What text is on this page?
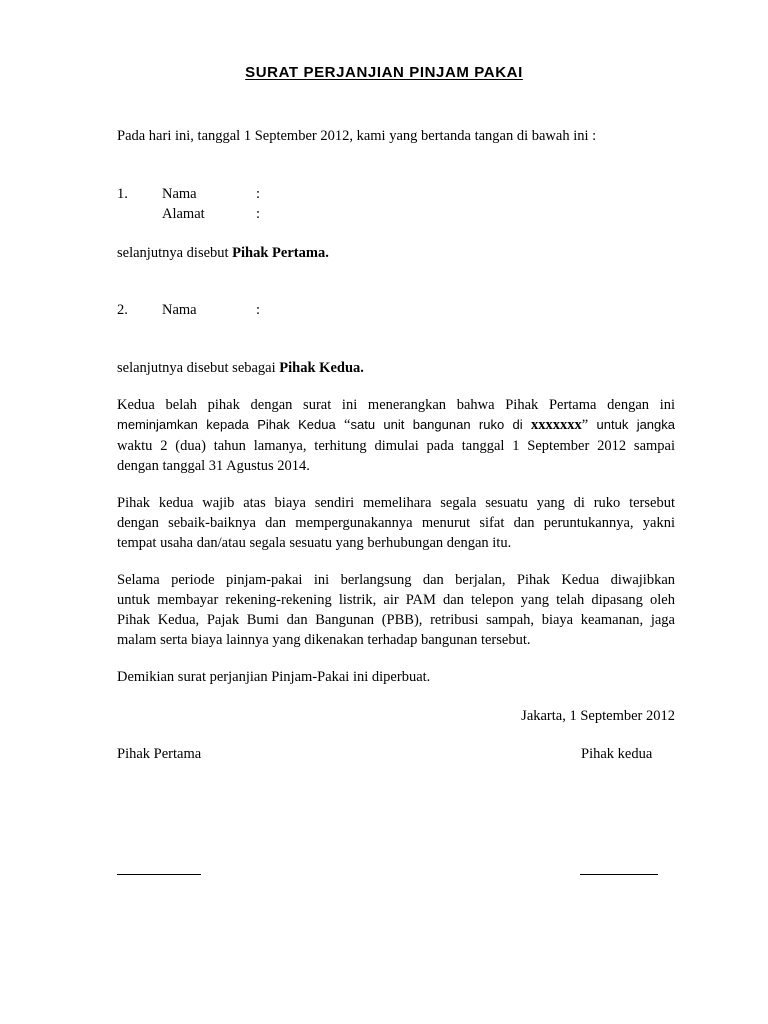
SURAT PERJANJIAN PINJAM PAKAI
Pada hari ini, tanggal 1 September 2012, kami yang bertanda tangan di bawah ini :
1. Nama	:
Alamat	:
selanjutnya disebut Pihak Pertama.
2. Nama	:
selanjutnya disebut sebagai Pihak Kedua.
Kedua belah pihak dengan surat ini menerangkan bahwa Pihak Pertama dengan ini
meminjamkan kepada Pihak Kedua “satu unit bangunan ruko di xxxxxxx” untuk jangka
waktu 2 (dua) tahun lamanya, terhitung dimulai pada tanggal 1 September 2012 sampai
dengan tanggal 31 Agustus 2014.
Pihak kedua wajib atas biaya sendiri memelihara segala sesuatu yang di ruko tersebut
dengan sebaik-baiknya dan mempergunakannya menurut sifat dan peruntukannya, yakni
tempat usaha dan/atau segala sesuatu yang berhubungan dengan itu.
Selama periode pinjam-pakai ini berlangsung dan berjalan, Pihak Kedua diwajibkan
untuk membayar rekening-rekening listrik, air PAM dan telepon yang telah dipasang oleh
Pihak Kedua, Pajak Bumi dan Bangunan (PBB), retribusi sampah, biaya keamanan, jaga
malam serta biaya lainnya yang dikenakan terhadap bangunan tersebut.
Demikian surat perjanjian Pinjam-Pakai ini diperbuat.
Jakarta, 1 September 2012
Pihak Pertama	Pihak kedua
